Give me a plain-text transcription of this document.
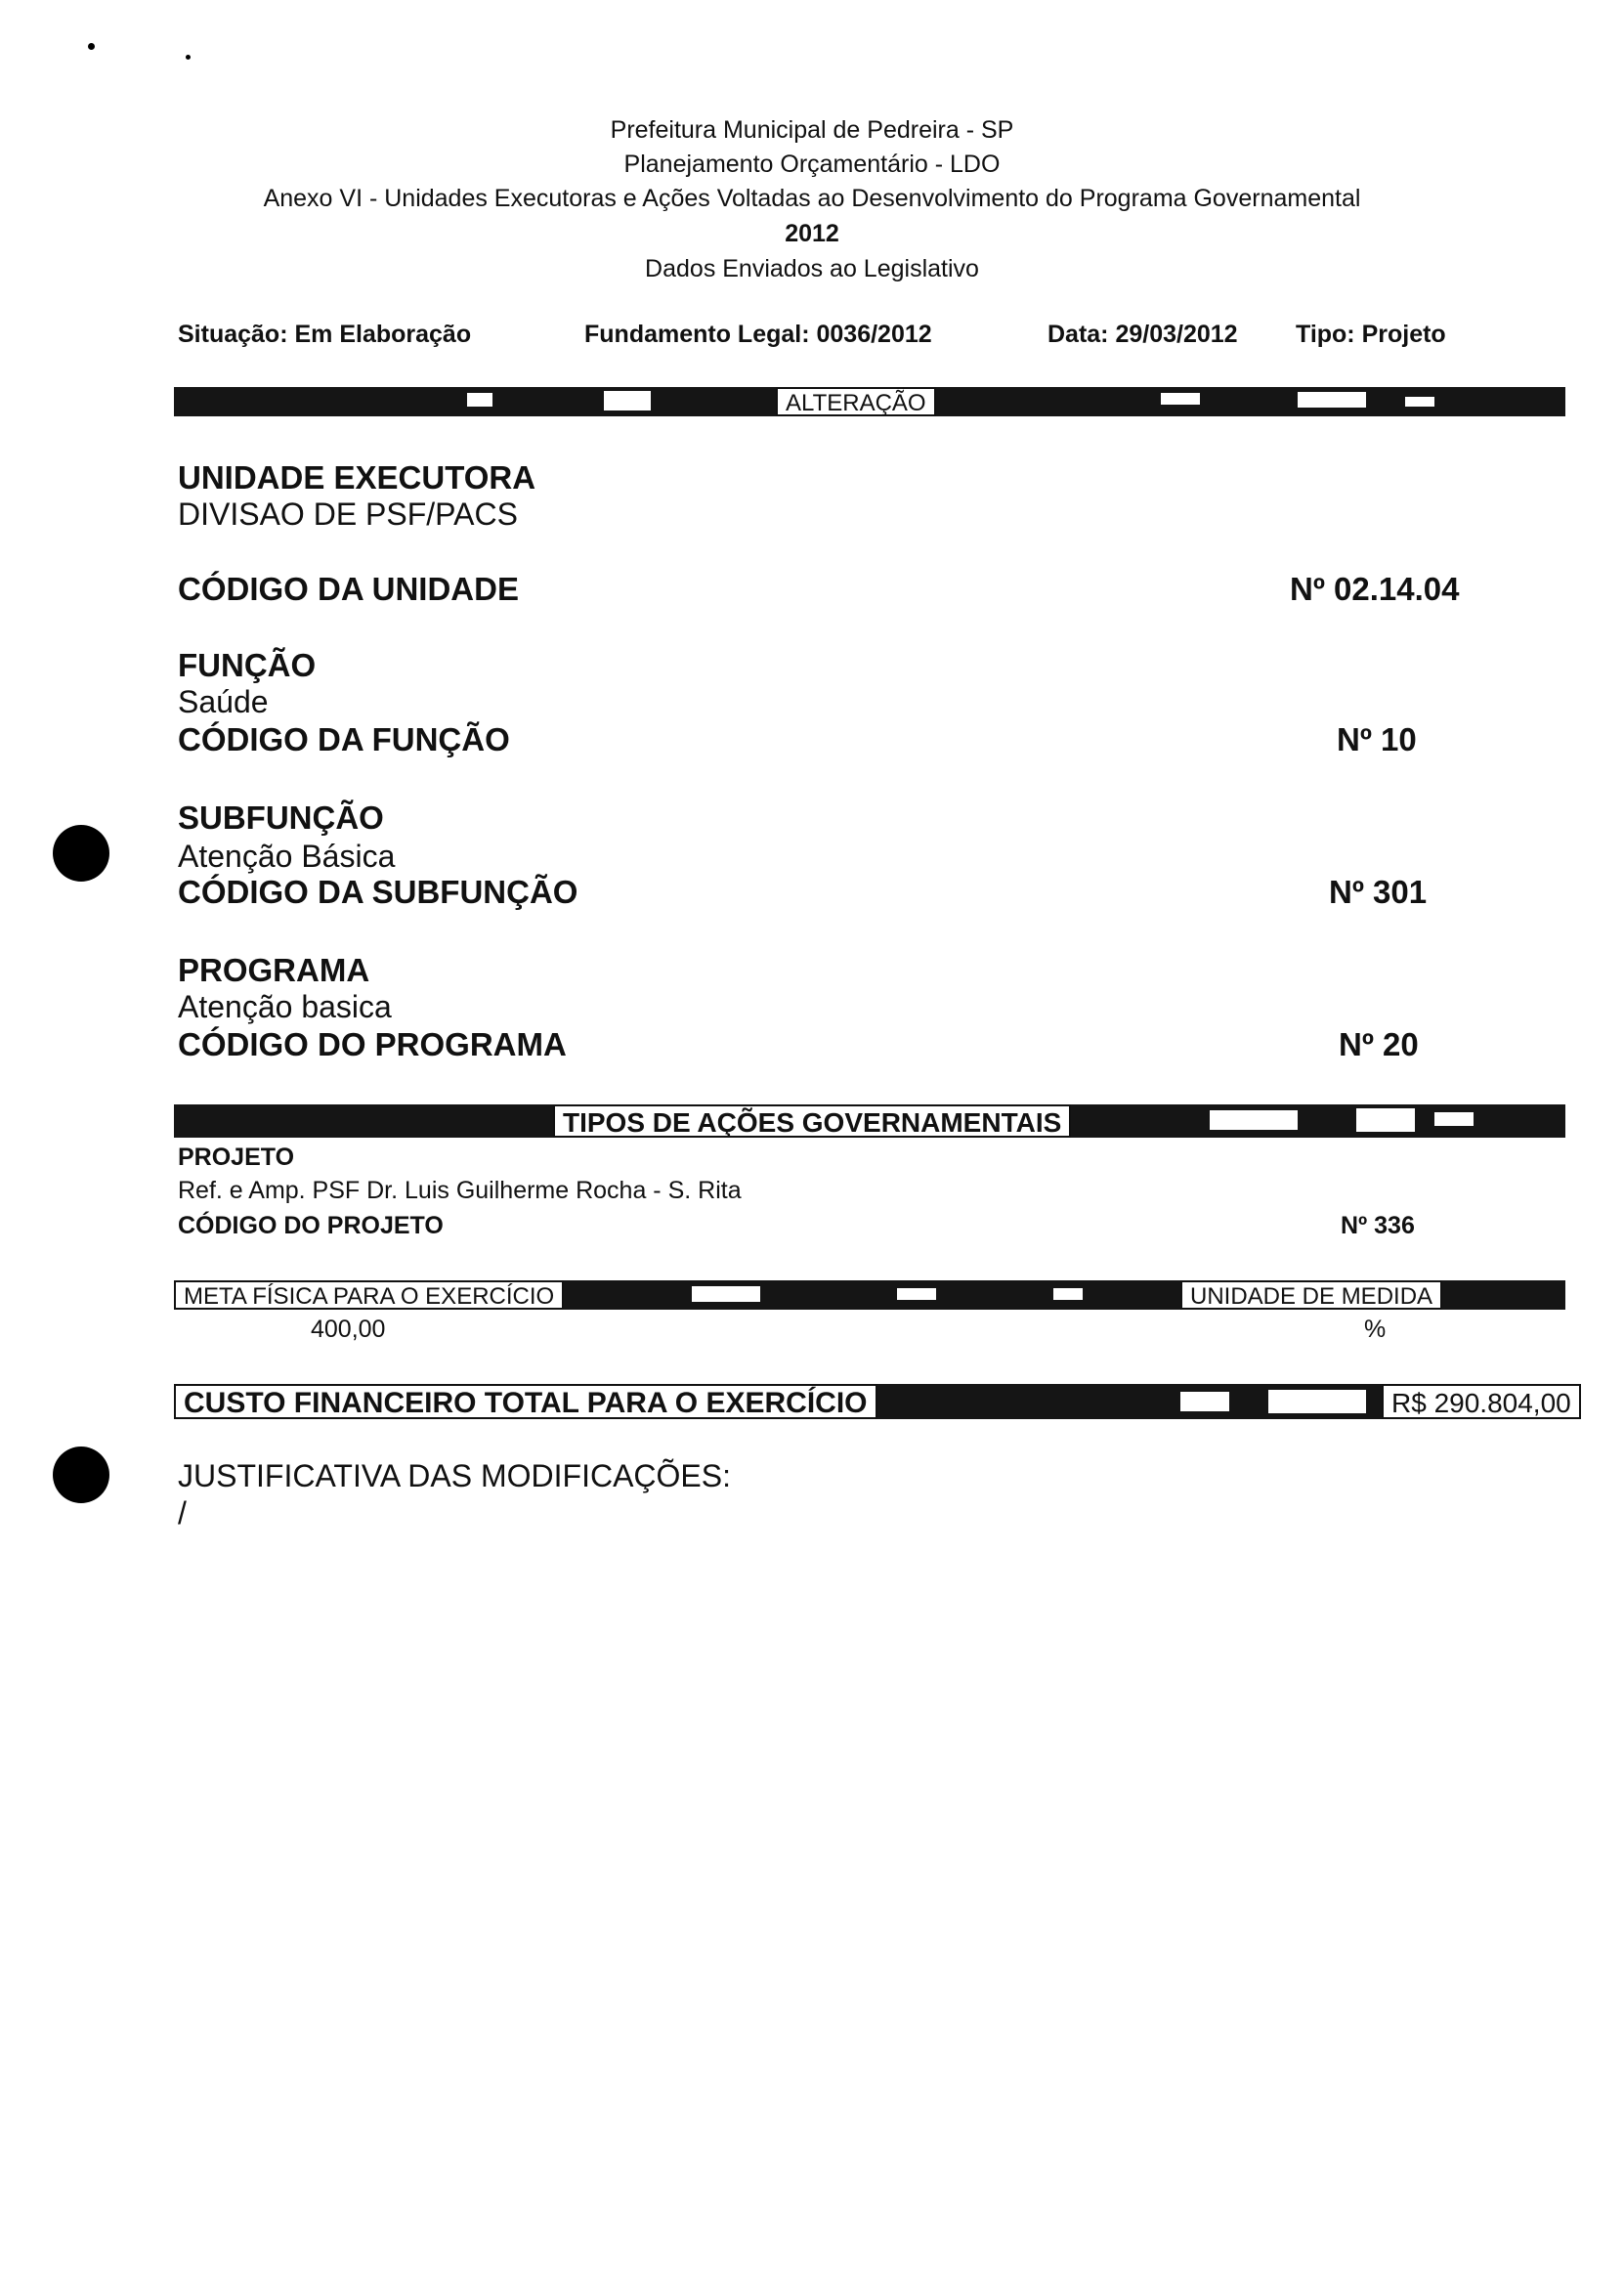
Prefeitura Municipal de Pedreira - SP
Planejamento Orçamentário - LDO
Anexo VI - Unidades Executoras e Ações Voltadas ao Desenvolvimento do Programa Governamental
2012
Dados Enviados ao Legislativo
Situação: Em Elaboração	Fundamento Legal: 0036/2012	Data: 29/03/2012 Tipo: Projeto
ALTERAÇÃO
UNIDADE EXECUTORA
DIVISAO DE PSF/PACS
CÓDIGO DA UNIDADE	Nº 02.14.04
FUNÇÃO
Saúde
CÓDIGO DA FUNÇÃO	Nº 10
SUBFUNÇÃO
Atenção Básica
CÓDIGO DA SUBFUNÇÃO	Nº 301
PROGRAMA
Atenção basica
CÓDIGO DO PROGRAMA	Nº 20
TIPOS DE AÇÕES GOVERNAMENTAIS
PROJETO
Ref. e Amp. PSF Dr. Luis Guilherme Rocha - S. Rita
CÓDIGO DO PROJETO	Nº 336
META FÍSICA PARA O EXERCÍCIO	UNIDADE DE MEDIDA
400,00	%
CUSTO FINANCEIRO TOTAL PARA O EXERCÍCIO	R$ 290.804,00
JUSTIFICATIVA DAS MODIFICAÇÕES:
/
